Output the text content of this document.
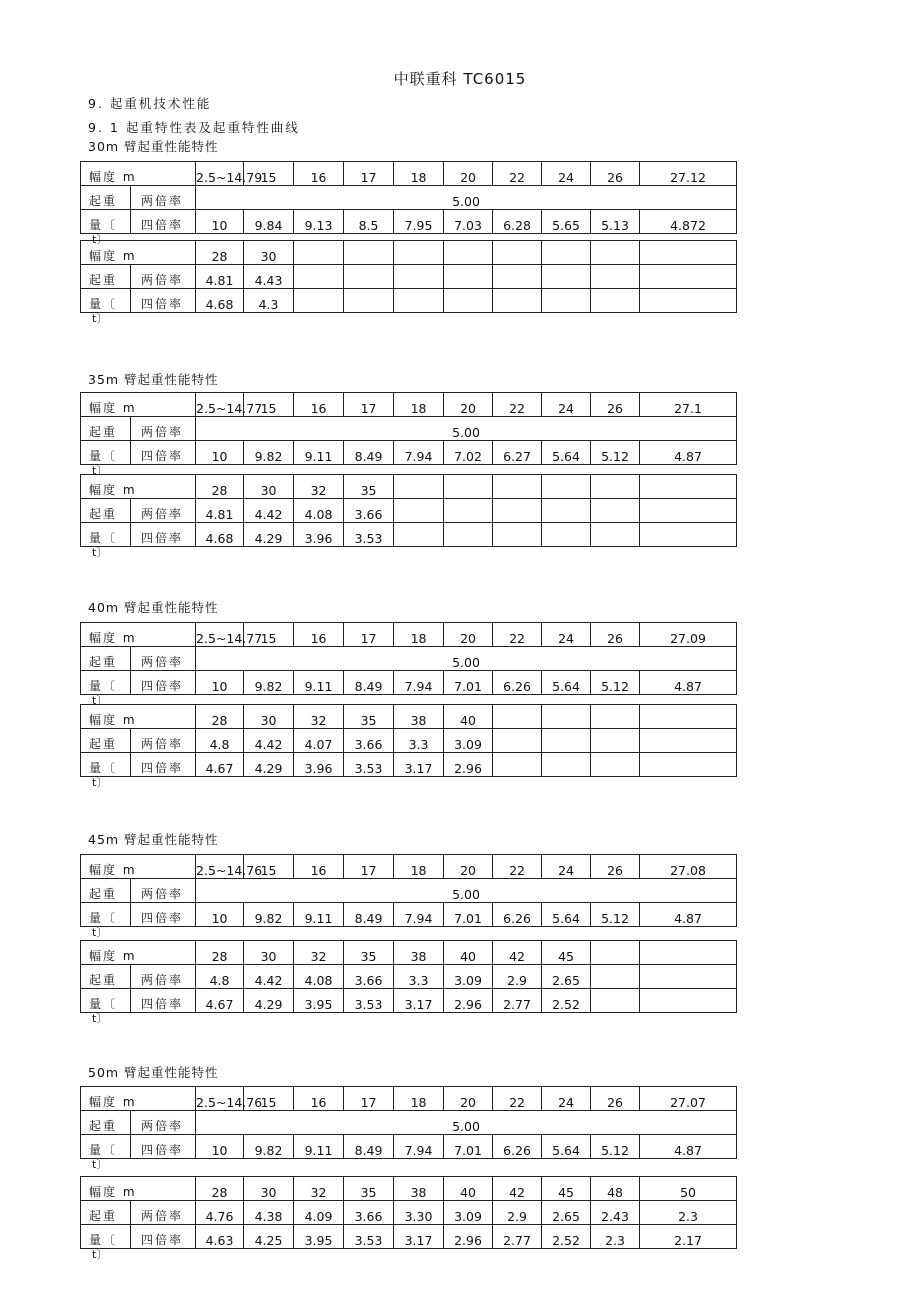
中联重科 TC6015
9. 起重机技术性能
9. 1 起重特性表及起重特性曲线
30m 臂起重性能特性
幅度 m		2.5~14.79	15	16	17	18	20	22	24	26	27.12
起重	两倍率	5.00									
量〔	四倍率	10	9.84	9.13	8.5	7.95	7.03	6.28	5.65	5.13	4.872
t〕
幅度 m		28	30								
起重	两倍率	4.81	4.43								
量〔	四倍率	4.68	4.3								
t〕
35m 臂起重性能特性
幅度 m		2.5~14.77	15	16	17	18	20	22	24	26	27.1
起重	两倍率	5.00									
量〔	四倍率	10	9.82	9.11	8.49	7.94	7.02	6.27	5.64	5.12	4.87
t〕
幅度 m		28	30	32	35						
起重	两倍率	4.81	4.42	4.08	3.66						
量〔	四倍率	4.68	4.29	3.96	3.53						
t〕
40m 臂起重性能特性
幅度 m		2.5~14.77	15	16	17	18	20	22	24	26	27.09
起重	两倍率	5.00									
量〔	四倍率	10	9.82	9.11	8.49	7.94	7.01	6.26	5.64	5.12	4.87
t〕
幅度 m		28	30	32	35	38	40				
起重	两倍率	4.8	4.42	4.07	3.66	3.3	3.09				
量〔	四倍率	4.67	4.29	3.96	3.53	3.17	2.96				
t〕
45m 臂起重性能特性
幅度 m		2.5~14.76	15	16	17	18	20	22	24	26	27.08
起重	两倍率	5.00									
量〔	四倍率	10	9.82	9.11	8.49	7.94	7.01	6.26	5.64	5.12	4.87
t〕
幅度 m		28	30	32	35	38	40	42	45		
起重	两倍率	4.8	4.42	4.08	3.66	3.3	3.09	2.9	2.65		
量〔	四倍率	4.67	4.29	3.95	3.53	3.17	2.96	2.77	2.52		
t〕
50m 臂起重性能特性
幅度 m		2.5~14.76	15	16	17	18	20	22	24	26	27.07
起重	两倍率	5.00									
量〔	四倍率	10	9.82	9.11	8.49	7.94	7.01	6.26	5.64	5.12	4.87
t〕
幅度 m		28	30	32	35	38	40	42	45	48	50
起重	两倍率	4.76	4.38	4.09	3.66	3.30	3.09	2.9	2.65	2.43	2.3
量〔	四倍率	4.63	4.25	3.95	3.53	3.17	2.96	2.77	2.52	2.3	2.17
t〕
